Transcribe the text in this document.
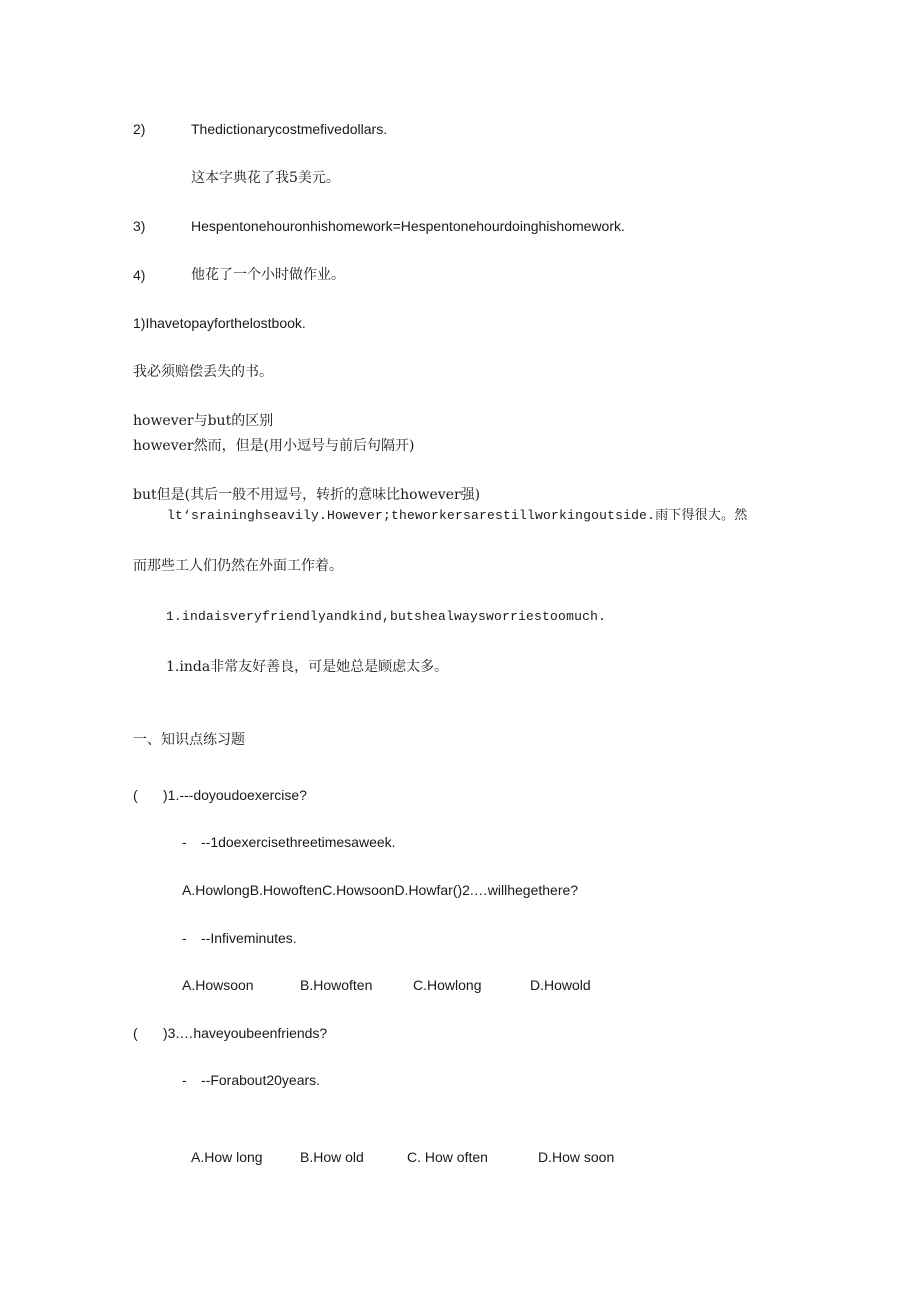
2)	Thedictionarycostmefivedollars.
这本字典花了我5美元。
3)	Hespentonehouronhishomework=Hespentonehourdoinghishomework.
4)	他花了一个小时做作业。
1)Ihavetopayforthelostbook.
我必须赔偿丢失的书。
however与but的区别
however然而，但是(用小逗号与前后句隔开)
but但是(其后一般不用逗号，转折的意味比however强)
lt‘sraininghseavily.However;theworkersarestillworkingoutside.雨下得很大。然
而那些工人们仍然在外面工作着。
1.indaisveryfriendlyandkind,butshealwaysworriestoomuch.
1.inda非常友好善良，可是她总是顾虑太多。
一、知识点练习题
( )1.---doyoudoexercise?
- --1doexercisethreetimesaweek.
A.HowlongB.HowoftenC.HowsoonD.Howfar()2.…willhegethere?
- --Infiveminutes.
A.Howsoon	B.Howoften	C.Howlong	D.Howold
( )3.…haveyoubeenfriends?
- --Forabout20years.
A.How long	B.How old	C. How often	D.How soon
